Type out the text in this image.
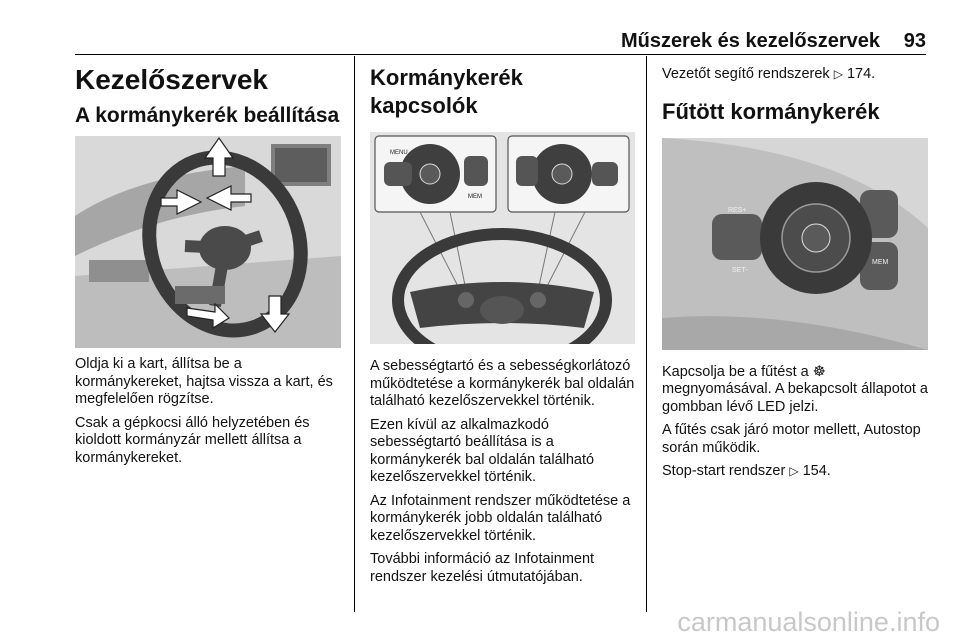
Műszerek és kezelőszervek 93
Kezelőszervek
A kormánykerék beállítása

Oldja ki a kart, állítsa be a kormánykereket, hajtsa vissza a kart, és megfelelően rögzítse.

Csak a gépkocsi álló helyzetében és kioldott kormányzár mellett állítsa a kormánykereket.

Kormánykerék kapcsolók
MENU
MEM

A sebességtartó és a sebességkorlátozó működtetése a kormánykerék bal oldalán található kezelőszervekkel történik.

Ezen kívül az alkalmazkodó sebességtartó beállítása is a kormánykerék bal oldalán található kezelőszervekkel történik.

Az Infotainment rendszer működtetése a kormánykerék jobb oldalán található kezelőszervekkel történik.

További információ az Infotainment rendszer kezelési útmutatójában.

Vezetőt segítő rendszerek ▷ 174.

Fűtött kormánykerék
RES+
SET-
MEM

Kapcsolja be a fűtést a ☸ megnyomásával. A bekapcsolt állapotot a gombban lévő LED jelzi.

A fűtés csak járó motor mellett, Autostop során működik.

Stop-start rendszer ▷ 154.

carmanualsonline.info
